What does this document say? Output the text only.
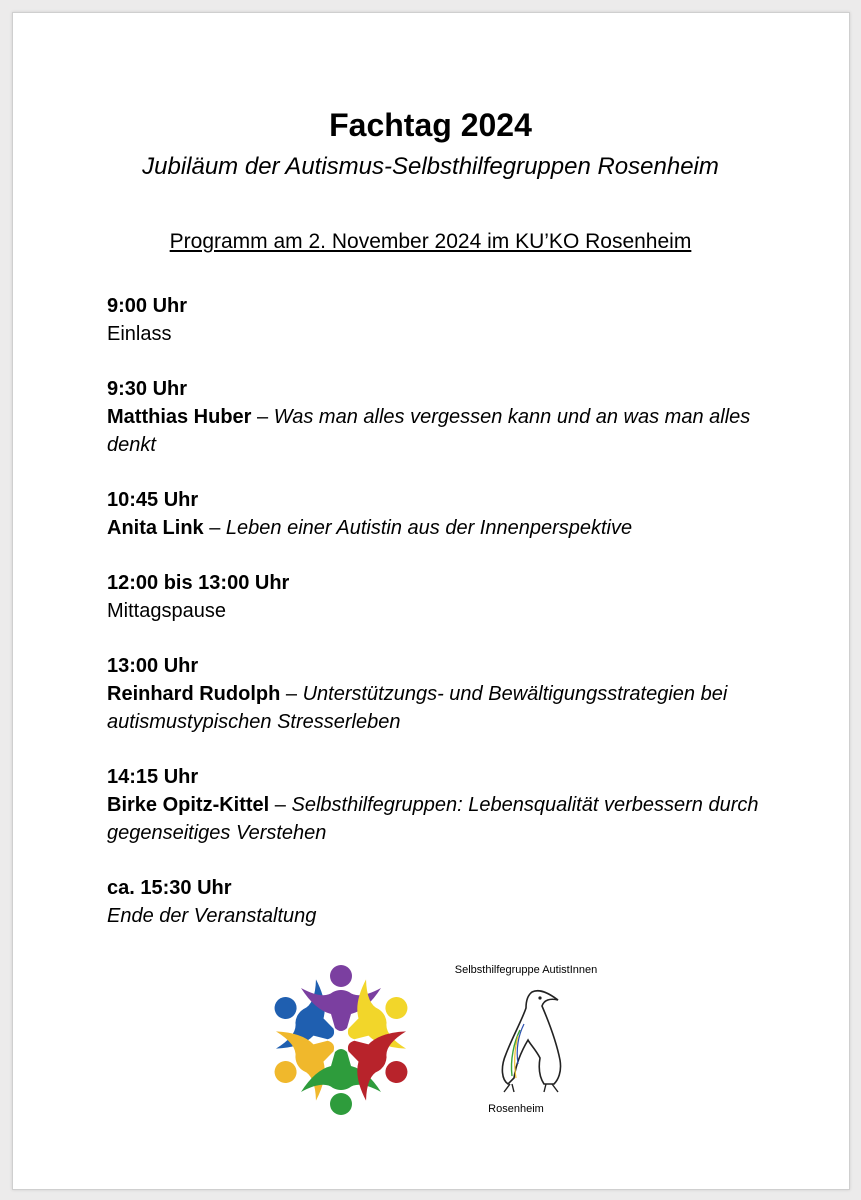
Fachtag 2024
Jubiläum der Autismus-Selbsthilfegruppen Rosenheim
Programm am 2. November 2024 im KU’KO Rosenheim
9:00 Uhr
Einlass
9:30 Uhr
Matthias Huber – Was man alles vergessen kann und an was man alles denkt
10:45 Uhr
Anita Link – Leben einer Autistin aus der Innenperspektive
12:00 bis 13:00 Uhr
Mittagspause
13:00 Uhr
Reinhard Rudolph – Unterstützungs- und Bewältigungsstrategien bei autismustypischen Stresserleben
14:15 Uhr
Birke Opitz-Kittel – Selbsthilfegruppen: Lebensqualität verbessern durch gegenseitiges Verstehen
ca. 15:30 Uhr
Ende der Veranstaltung
Selbsthilfegruppe AutistInnen
Rosenheim
